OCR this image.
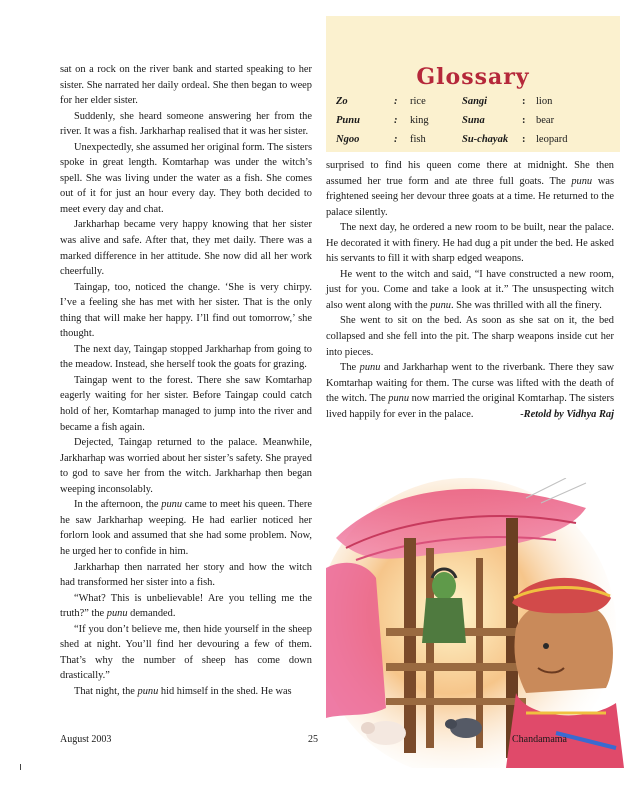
sat on a rock on the river bank and started speaking to her sister. She narrated her daily ordeal. She then began to weep for her elder sister.

Suddenly, she heard someone answering her from the river. It was a fish. Jarkharhap realised that it was her sister.

Unexpectedly, she assumed her original form. The sisters spoke in great length. Komtarhap was under the witch’s spell. She was living under the water as a fish. She comes out of it for just an hour every day. They both decided to meet every day and chat.

Jarkharhap became very happy knowing that her sister was alive and safe. After that, they met daily. There was a marked difference in her attitude. She now did all her work cheerfully.

Taingap, too, noticed the change. ‘She is very chirpy. I’ve a feeling she has met with her sister. That is the only thing that will make her happy. I’ll find out tomorrow,’ she thought.

The next day, Taingap stopped Jarkharhap from going to the meadow. Instead, she herself took the goats for grazing.

Taingap went to the forest. There she saw Komtarhap eagerly waiting for her sister. Before Taingap could catch hold of her, Komtarhap managed to jump into the river and became a fish again.

Dejected, Taingap returned to the palace. Meanwhile, Jarkharhap was worried about her sister’s safety. She prayed to god to save her from the witch. Jarkharhap then began weeping inconsolably.

In the afternoon, the punu came to meet his queen. There he saw Jarkharhap weeping. He had earlier noticed her forlorn look and assumed that she had some problem. Now, he urged her to confide in him.

Jarkharhap then narrated her story and how the witch had transformed her sister into a fish.

“What? This is unbelievable! Are you telling me the truth?” the punu demanded.

“If you don’t believe me, then hide yourself in the sheep shed at night. You’ll find her devouring a few of them. That’s why the number of sheep has come down drastically.”

That night, the punu hid himself in the shed. He was

Glossary
Zo	:	rice	Sangi	:	lion
Punu	:	king	Suna	:	bear
Ngoo	:	fish	Su-chayak	:	leopard

surprised to find his queen come there at midnight. She then assumed her true form and ate three full goats. The punu was frightened seeing her devour three goats at a time. He returned to the palace silently.

The next day, he ordered a new room to be built, near the palace. He decorated it with finery. He had dug a pit under the bed. He asked his servants to fill it with sharp edged weapons.

He went to the witch and said, “I have constructed a new room, just for you. Come and take a look at it.” The unsuspecting witch also went along with the punu. She was thrilled with all the finery.

She went to sit on the bed. As soon as she sat on it, the bed collapsed and she fell into the pit. The sharp weapons inside cut her into pieces.

The punu and Jarkharhap went to the riverbank. There they saw Komtarhap waiting for them. The curse was lifted with the death of the witch. The punu now married the original Komtarhap. The sisters lived happily for ever in the palace.	-Retold by Vidhya Raj

August 2003	25	Chandamama
